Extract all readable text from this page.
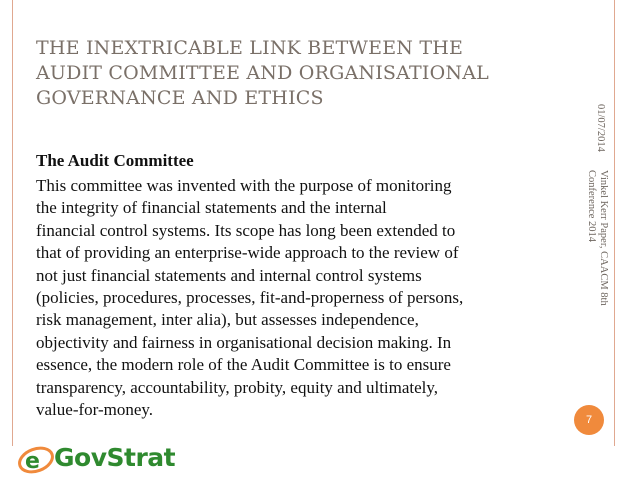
THE INEXTRICABLE LINK BETWEEN THE
AUDIT COMMITTEE AND ORGANISATIONAL
GOVERNANCE AND ETHICS
01/07/2014
Vinkel Kerr Paper, CAACM 8th
Conference 2014
The Audit Committee
This committee was invented with the purpose of monitoring
the integrity of financial statements and the internal
financial control systems. Its scope has long been extended to
that of providing an enterprise-wide approach to the review of
not just financial statements and internal control systems
(policies, procedures, processes, fit-and-properness of persons,
risk management, inter alia), but assesses independence,
objectivity and fairness in organisational decision making. In
essence, the modern role of the Audit Committee is to ensure
transparency, accountability, probity, equity and ultimately,
value-for-money.
7
e GovStrat
